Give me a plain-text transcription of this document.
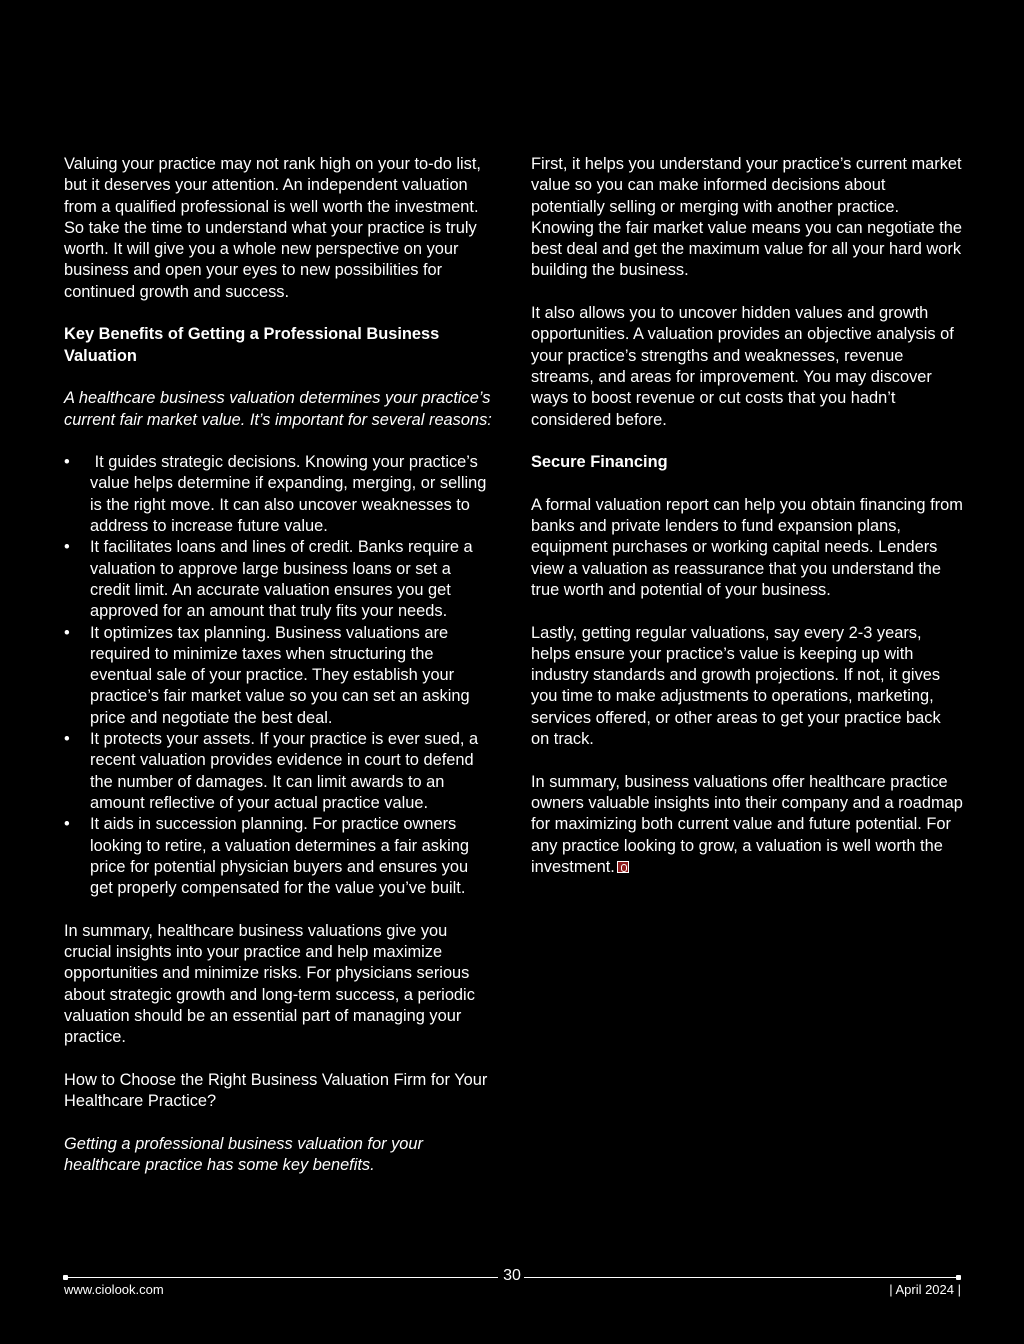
Valuing your practice may not rank high on your to-do list, but it deserves your attention. An independent valuation from a qualified professional is well worth the investment. So take the time to understand what your practice is truly worth. It will give you a whole new perspective on your business and open your eyes to new possibilities for continued growth and success.

Key Benefits of Getting a Professional Business Valuation

A healthcare business valuation determines your practice’s current fair market value. It’s important for several reasons:

• It guides strategic decisions. Knowing your practice’s value helps determine if expanding, merging, or selling is the right move. It can also uncover weaknesses to address to increase future value.
• It facilitates loans and lines of credit. Banks require a valuation to approve large business loans or set a credit limit. An accurate valuation ensures you get approved for an amount that truly fits your needs.
• It optimizes tax planning. Business valuations are required to minimize taxes when structuring the eventual sale of your practice. They establish your practice’s fair market value so you can set an asking price and negotiate the best deal.
• It protects your assets. If your practice is ever sued, a recent valuation provides evidence in court to defend the number of damages. It can limit awards to an amount reflective of your actual practice value.
• It aids in succession planning. For practice owners looking to retire, a valuation determines a fair asking price for potential physician buyers and ensures you get properly compensated for the value you’ve built.

In summary, healthcare business valuations give you crucial insights into your practice and help maximize opportunities and minimize risks. For physicians serious about strategic growth and long-term success, a periodic valuation should be an essential part of managing your practice.

How to Choose the Right Business Valuation Firm for Your Healthcare Practice?

Getting a professional business valuation for your healthcare practice has some key benefits.

First, it helps you understand your practice’s current market value so you can make informed decisions about potentially selling or merging with another practice. Knowing the fair market value means you can negotiate the best deal and get the maximum value for all your hard work building the business.

It also allows you to uncover hidden values and growth opportunities. A valuation provides an objective analysis of your practice’s strengths and weaknesses, revenue streams, and areas for improvement. You may discover ways to boost revenue or cut costs that you hadn’t considered before.

Secure Financing

A formal valuation report can help you obtain financing from banks and private lenders to fund expansion plans, equipment purchases or working capital needs. Lenders view a valuation as reassurance that you understand the true worth and potential of your business.

Lastly, getting regular valuations, say every 2-3 years, helps ensure your practice’s value is keeping up with industry standards and growth projections. If not, it gives you time to make adjustments to operations, marketing, services offered, or other areas to get your practice back on track.

In summary, business valuations offer healthcare practice owners valuable insights into their company and a roadmap for maximizing both current value and future potential. For any practice looking to grow, a valuation is well worth the investment.

30
www.ciolook.com	| April 2024 |
